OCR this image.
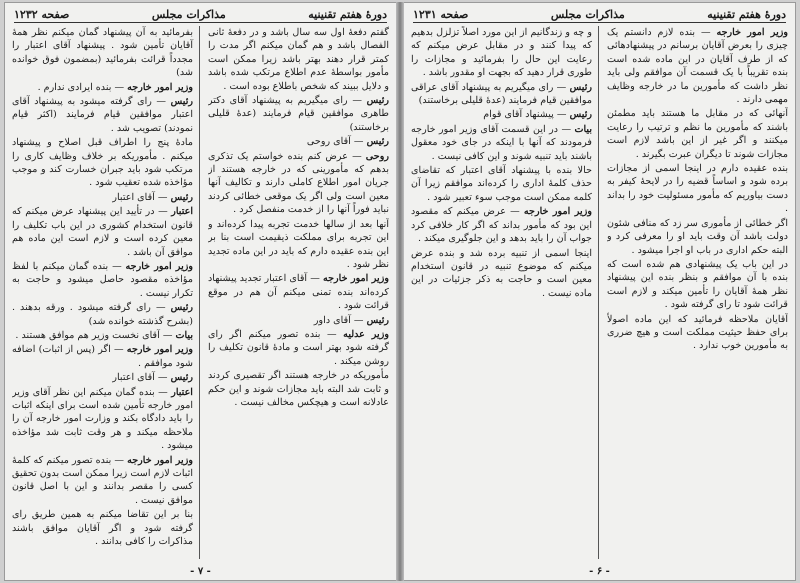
دورهٔ هفتم تقنینیه
مذاکرات مجلس
صفحه ۱۲۳۲

گفتم دفعهٔ اول سه سال باشد و در دفعهٔ ثانی الفصال باشد و هم گمان میکنم اگر مدت را کمتر قرار دهند بهتر باشد زیرا ممکن است مأمور بواسطهٔ عدم اطلاع مرتکب شده باشد و دلایل ببیند که شخص باطلاع بوده است .

رئیس — رای میگیریم به پیشنهاد آقای دکتر طاهری موافقین قیام فرمایند (عدهٔ قلیلی برخاستند)

رئیس — آقای روحی

روحی — عرض کنم بنده خواستم یک تذکری بدهم که مأمورینی که در خارجه هستند از جریان امور اطلاع کاملی دارند و تکالیف آنها معین است ولی اگر یک موقعی خطائی کردند نباید فوراً آنها را از خدمت منفصل کرد .

آنها بعد از سالها خدمت تجربه پیدا کرده‌اند و این تجربه برای مملکت ذیقیمت است بنا بر این بنده عقیده دارم که باید در این ماده تجدید نظر شود .

وزیر امور خارجه — آقای اعتبار تجدید پیشنهاد کرده‌اند بنده تمنی میکنم آن هم در موقع قرائت شود .

رئیس — آقای داور

وزیر عدلیه — بنده تصور میکنم اگر رای گرفته شود بهتر است و مادهٔ قانون تکلیف را روشن میکند .

مأموریکه در خارجه هستند اگر تقصیری کردند و ثابت شد البته باید مجازات شوند و این حکم عادلانه است و هیچکس مخالف نیست .

بفرمائید به آن پیشنهاد گمان میکنم نظر همهٔ آقایان تأمین شود . پیشنهاد آقای اعتبار را مجدداً قرائت بفرمائید (بمضمون فوق خوانده شد)

وزیر امور خارجه — بنده ایرادی ندارم .

رئیس — رای گرفته میشود به پیشنهاد آقای اعتبار موافقین قیام فرمایند (اکثر قیام نمودند) تصویب شد .

مادهٔ پنج را اطراف قبل اصلاح و پیشنهاد میکنم . مأموریکه بر خلاف وظایف کاری را مرتکب شود باید جبران خسارت کند و موجب مؤاخذه شده تعقیب شود .

رئیس — آقای اعتبار

اعتبار — در تأیید این پیشنهاد عرض میکنم که قانون استخدام کشوری در این باب تکلیف را معین کرده است و لازم است این ماده هم موافق آن باشد .

وزیر امور خارجه — بنده گمان میکنم با لفظ مؤاخذه مقصود حاصل میشود و حاجت به تکرار نیست .

رئیس — رای گرفته میشود . ورقه بدهند . (بشرح گذشته خوانده شد)

بیات — آقای نخست وزیر هم موافق هستند .

وزیر امور خارجه — اگر (پس از اثبات) اضافه شود موافقم .

رئیس — آقای اعتبار

اعتبار — بنده گمان میکنم این نظر آقای وزیر امور خارجه تأمین شده است برای اینکه اثبات را باید دادگاه بکند و وزارت امور خارجه آن را ملاحظه میکند و هر وقت ثابت شد مؤاخذه میشود .

وزیر امور خارجه — بنده تصور میکنم که کلمهٔ اثبات لازم است زیرا ممکن است بدون تحقیق کسی را مقصر بدانند و این با اصل قانون موافق نیست .

بنا بر این تقاضا میکنم به همین طریق رای گرفته شود و اگر آقایان موافق باشند مذاکرات را کافی بدانند .

- ۷ -
دورهٔ هفتم تقنینیه
مذاکرات مجلس
صفحه ۱۲۳۱

وزیر امور خارجه — بنده لازم دانستم یک چیزی را بعرض آقایان برسانم در پیشنهادهائی که از طرف آقایان در این ماده شده است بنده تقریباً با یک قسمت آن موافقم ولی باید نظر داشت که مأمورین ما در خارجه وظایف مهمی دارند .

آنهائی که در مقابل ما هستند باید مطمئن باشند که مأمورین ما نظم و ترتیب را رعایت میکنند و اگر غیر از این باشد لازم است مجازات شوند تا دیگران عبرت بگیرند .

بنده عقیده دارم در اینجا اسمی از مجازات برده شود و اساساً قضیه را در لایحهٔ کیفر به دست بیاوریم که مأمور مسئولیت خود را بداند .

اگر خطائی از مأموری سر زد که منافی شئون دولت باشد آن وقت باید او را معرفی کرد و البته حکم اداری در باب او اجرا میشود .

در این باب یک پیشنهادی هم شده است که بنده با آن موافقم و بنظر بنده این پیشنهاد نظر همهٔ آقایان را تأمین میکند و لازم است قرائت شود تا رای گرفته شود .

آقایان ملاحظه فرمائید که این ماده اصولاً برای حفظ حیثیت مملکت است و هیچ ضرری به مأمورین خوب ندارد .

و چه و زندگانیم از این مورد اصلاً تزلزل بدهیم که پیدا کنند و در مقابل عرض میکنم که رعایت این حال را بفرمائید و مجازات را طوری قرار دهید که بجهت او مقدور باشد .

رئیس — رای میگیریم به پیشنهاد آقای عراقی موافقین قیام فرمایند (عدهٔ قلیلی برخاستند)

رئیس — پیشنهاد آقای قوام

بیات — در این قسمت آقای وزیر امور خارجه فرمودند که آنها با اینکه در جای خود معقول باشند باید تنبیه شوند و این کافی نیست .

حالا بنده با پیشنهاد آقای اعتبار که تقاضای حذف کلمهٔ اداری را کرده‌اند موافقم زیرا آن کلمه ممکن است موجب سوء تعبیر شود .

وزیر امور خارجه — عرض میکنم که مقصود این بود که مأمور بداند که اگر کار خلافی کرد جواب آن را باید بدهد و این جلوگیری میکند .

اینجا اسمی از تنبیه برده شد و بنده عرض میکنم که موضوع تنبیه در قانون استخدام معین است و حاجت به ذکر جزئیات در این ماده نیست .

- ۶ -
